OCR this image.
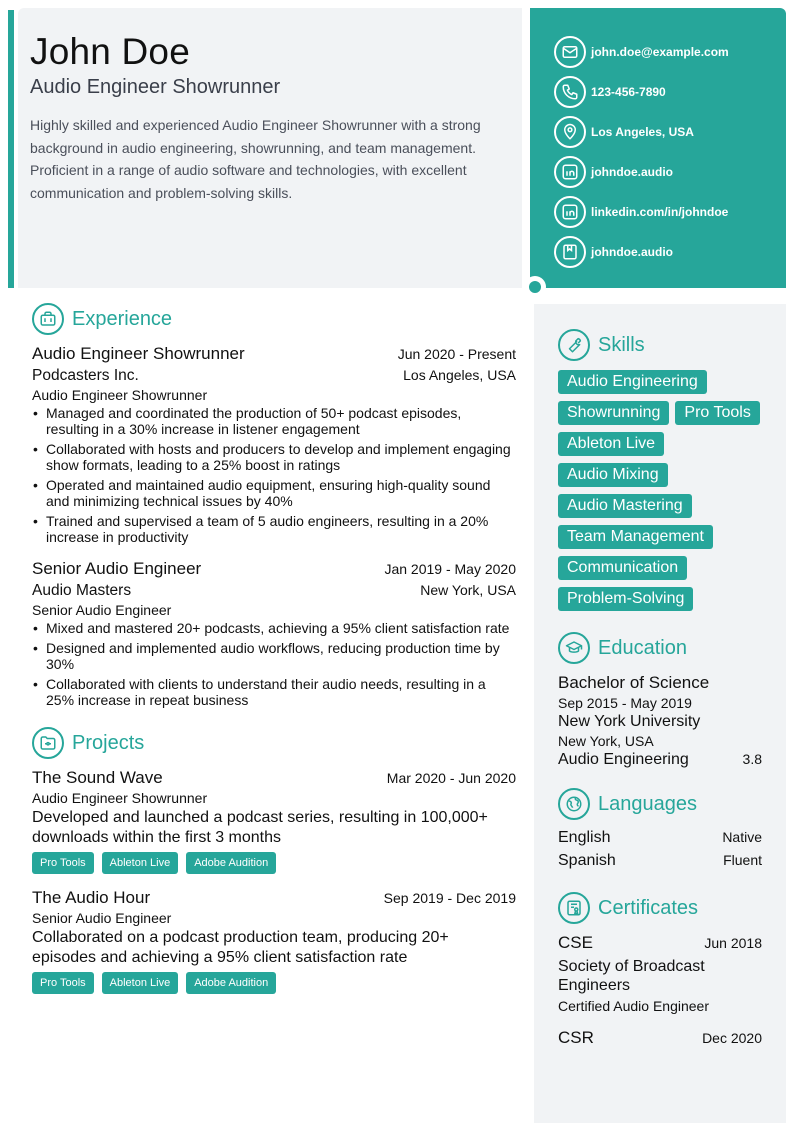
John Doe
Audio Engineer Showrunner
Highly skilled and experienced Audio Engineer Showrunner with a strong background in audio engineering, showrunning, and team management. Proficient in a range of audio software and technologies, with excellent communication and problem-solving skills.
john.doe@example.com
123-456-7890
Los Angeles, USA
johndoe.audio
linkedin.com/in/johndoe
johndoe.audio
Experience
Audio Engineer Showrunner	Jun 2020 - Present
Podcasters Inc.	Los Angeles, USA
Audio Engineer Showrunner
• Managed and coordinated the production of 50+ podcast episodes, resulting in a 30% increase in listener engagement
• Collaborated with hosts and producers to develop and implement engaging show formats, leading to a 25% boost in ratings
• Operated and maintained audio equipment, ensuring high-quality sound and minimizing technical issues by 40%
• Trained and supervised a team of 5 audio engineers, resulting in a 20% increase in productivity
Senior Audio Engineer	Jan 2019 - May 2020
Audio Masters	New York, USA
Senior Audio Engineer
• Mixed and mastered 20+ podcasts, achieving a 95% client satisfaction rate
• Designed and implemented audio workflows, reducing production time by 30%
• Collaborated with clients to understand their audio needs, resulting in a 25% increase in repeat business
Projects
The Sound Wave	Mar 2020 - Jun 2020
Audio Engineer Showrunner
Developed and launched a podcast series, resulting in 100,000+ downloads within the first 3 months
Pro Tools	Ableton Live	Adobe Audition
The Audio Hour	Sep 2019 - Dec 2019
Senior Audio Engineer
Collaborated on a podcast production team, producing 20+ episodes and achieving a 95% client satisfaction rate
Pro Tools	Ableton Live	Adobe Audition
Skills
Audio Engineering
Showrunning	Pro Tools
Ableton Live
Audio Mixing
Audio Mastering
Team Management
Communication
Problem-Solving
Education
Bachelor of Science
Sep 2015 - May 2019
New York University
New York, USA
Audio Engineering	3.8
Languages
English	Native
Spanish	Fluent
Certificates
CSE	Jun 2018
Society of Broadcast Engineers
Certified Audio Engineer
CSR	Dec 2020
